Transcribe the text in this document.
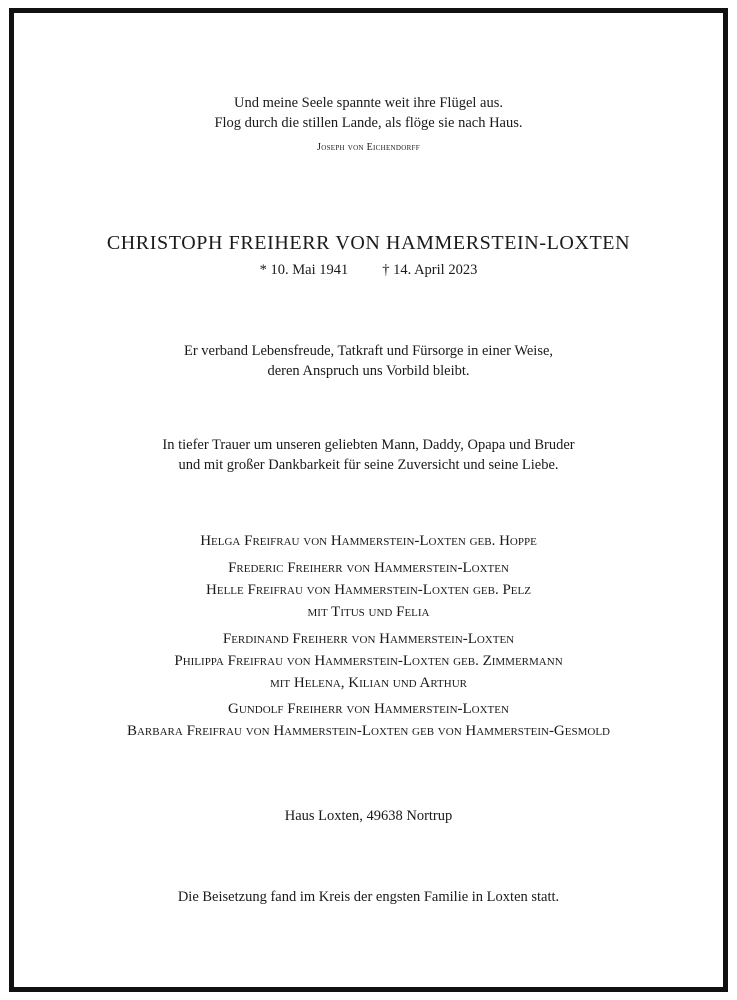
Und meine Seele spannte weit ihre Flügel aus.
Flog durch die stillen Lande, als flöge sie nach Haus.
Joseph von Eichendorff
CHRISTOPH FREIHERR VON HAMMERSTEIN-LOXTEN
* 10. Mai 1941 † 14. April 2023
Er verband Lebensfreude, Tatkraft und Fürsorge in einer Weise,
deren Anspruch uns Vorbild bleibt.
In tiefer Trauer um unseren geliebten Mann, Daddy, Opapa und Bruder
und mit großer Dankbarkeit für seine Zuversicht und seine Liebe.
Helga Freifrau von Hammerstein-Loxten geb. Hoppe
Frederic Freiherr von Hammerstein-Loxten
Helle Freifrau von Hammerstein-Loxten geb. Pelz
mit Titus und Felia
Ferdinand Freiherr von Hammerstein-Loxten
Philippa Freifrau von Hammerstein-Loxten geb. Zimmermann
mit Helena, Kilian und Arthur
Gundolf Freiherr von Hammerstein-Loxten
Barbara Freifrau von Hammerstein-Loxten geb von Hammerstein-Gesmold
Haus Loxten, 49638 Nortrup
Die Beisetzung fand im Kreis der engsten Familie in Loxten statt.
